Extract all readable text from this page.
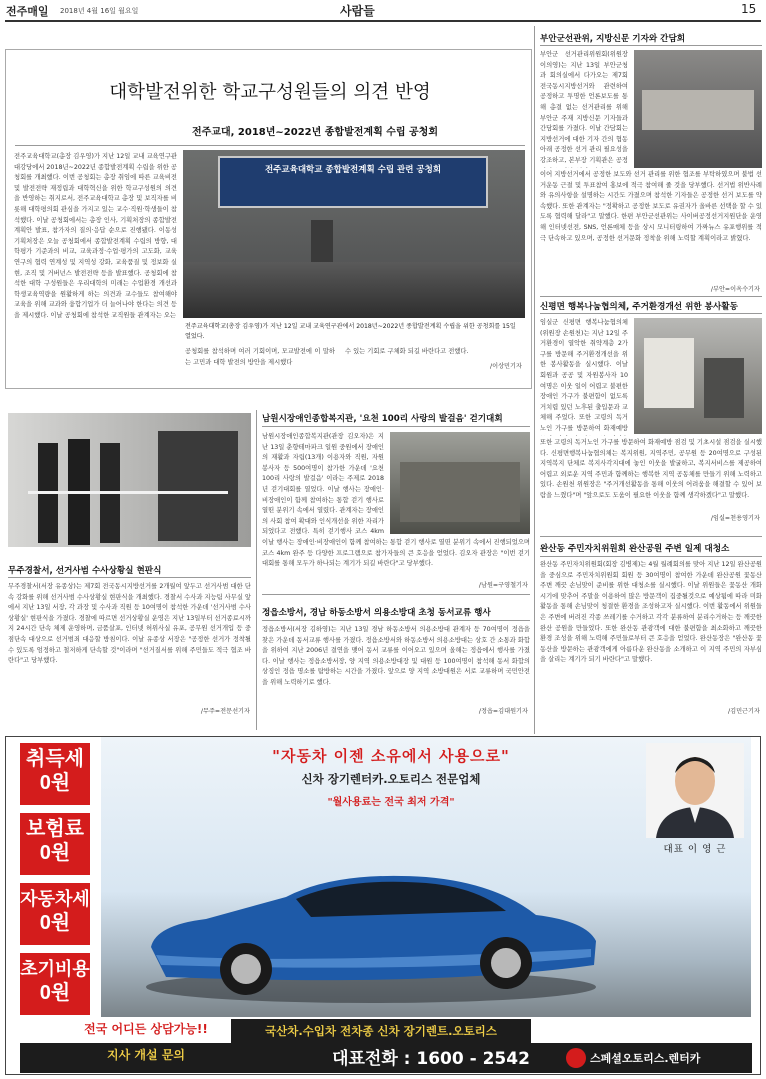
전주매일 2018년 4월 16일 월요일	사람들	15
대학발전위한 학교구성원들의 의견 반영
전주교대, 2018년~2022년 종합발전계획 수립 공청회
전주교육대학교(총장 김우영)가 지난 12일 교내 교육연구관 대강당에서 2018년~2022년 종합발전계획 수립을 위한 공청회를 개최했다. 이번 공청회는 총장 취임에 따른 교육비전 및 발전전략 재정립과 대학혁신을 위한 학교구성원의 의견을 반영하는 취지로서, 전주교육대학교 총장 및 보직자를 비롯해 대학평의회 관심을 가지고 있는 교수·직원·학생들이 참석했다. 이날 공청회에서는 총장 인사, 기획처장의 종합발전계획안 발표, 참가자의 질의·응답 순으로 진행됐다. 이동성 기획처장은 오늘 공청회에서 종합발전계획 수립의 방향, 대학평가 기준과의 비교, 교육과정·수업·평가의 고도화, 교육연구의 협력 연계성 및 지역성 강화, 교육품질 및 정보화 실현, 조직 및 거버넌스 발전전략 등을 발표했다. 공청회에 참석한 대학 구성원들은 우리대학의 미래는 수업환경 개선과 학생교육역량을 원활하게 하는 의견과 교수들도 참여해야 교육을 위해 교과와 융합기업가 더 늘어나야 한다는 의견 등을 제시했다. 이날 공청회에 참석한 교직원들 관계자는 오는
전주교육대학교 종합발전계획 수립 관련 공청회
전주교육대학교(총장 김우영)가 지난 12일 교내 교육연구관에서 2018년~2022년 종합발전계획 수립을 위한 공청회를 15일 열었다.
공청회를 참석하며 여러 기회이며, 모교발전에 이 말하는 고민과 대학 발전의 방안을 제시했다
수 있는 기회로 구체화 되길 바란다고 전했다.
/이상민기자
부안군선관위, 지방신문 기자와 간담회
부안군 선거관리위원회(위원장 이의영)는 지난 13일 부안군청과 회의실에서 다가오는 제7회 전국동시지방선거와 관련하여 공정하고 투명한 언론보도를 통해 총결 없는 선거관리를 위해 부안군 주재 지방신문 기자들과 간담회를 가졌다. 이날 간담회는 지방선거에 대한 기자 간의 협동 아래 공정한 선거 관리 필요성을 강조하고, 본부장 기획관은 공정
이어 지방선거에서 공정한 보도와 선거 관리를 위한 협조를 부탁하였으며 불법 선거운동 근절 및 투표참여 홍보에 적극 참여해 줄 것을 당부했다. 선거법 위반사례와 유의사항을 설명하는 시간도 가졌으며 참석한 기자들은 공정한 선거 보도를 약속했다. 또한 관계자는 "정확하고 공정한 보도로 유권자가 올바른 선택을 할 수 있도록 협력해 달라"고 말했다. 한편 부안군선관위는 사이버공정선거지원단을 운영해 인터넷선전, SNS, 언론매체 등을 상시 모니터링하여 가짜뉴스 유포행위를 적극 단속하고 있으며, 공정한 선거문화 정착을 위해 노력할 계획이라고 밝혔다.
/부안=이옥수기자
신평면 행복나눔협의체, 주거환경개선 위한 봉사활동
임실군 신평면 행복나눔협의체(위원장 손원천)는 지난 12일 주거환경이 열악한 취약계층 2가구를 방문해 주거환경개선을 위한 봉사활동을 실시했다. 이날 회원과 공공 및 자원봉사자 10여명은 이웃 일이 어렵고 불편한 장애인 가구가 불편함이 없도록 거치렵 있던 노후된 출입문과 교체해 주었다. 또한 고령의 독거노인 가구를 방문하여 화재예방
또한 고령의 독거노인 가구를 방문하여 화재예방 점검 및 기초시설 점검을 실시했다. 신평면행복나눔협의체는 복지위원, 지역주민, 공무원 등 20여명으로 구성된 지역복지 단체로 복지사각지대에 놓인 이웃을 발굴하고, 복지서비스를 제공하여 어렵고 외로운 지역 주민과 함께하는 행복한 지역 공동체를 만들기 위해 노력하고 있다. 손원천 위원장은 "주거개선활동을 통해 이웃의 어려움을 해결할 수 있어 보람을 느꼈다"며 "앞으로도 도움이 필요한 이웃을 함께 생각하겠다"고 말했다.
/임실=천용영기자
완산동 주민자치위원회 완산공원 주변 일제 대청소
완산동 주민자치위원회(회장 김병제)는 4월 월례회의를 맞아 지난 12일 완산공원을 중심으로 주민자치위원회 회원 등 30여명이 참여한 가운데 완산공원 꽃동산 주변 깨끗 손님맞이 준비를 위한 대청소를 실시했다. 이날 위원들은 꽃동산 개화시기에 맞추어 주말을 이용하여 많은 방문객이 집중될것으로 예상됨에 따라 미화 활동을 통해 손님맞이 청결한 환경을 조성하고자 실시했다. 이번 활동에서 위원들은 주변에 버려진 각종 쓰레기를 수거하고 각각 분류하여 분리수거하는 등 깨끗한 완산 공원을 만들었다. 또한 완산동 관광객에 대한 불편함을 최소화하고 깨끗한 환경 조성을 위해 노력해 주민들로부터 큰 호응을 얻었다. 완산동장은 "완산동 꽃동산을 방문하는 관광객에게 아름다운 완산동을 소개하고 이 지역 주민의 자부심을 살리는 계기가 되기 바란다"고 말했다.
/김민근기자
무주경찰서, 선거사범 수사상황실 현판식
무주경찰서(서장 유종상)는 제7회 전국동시지방선거를 2개월여 앞두고 선거사범 대한 단속 강화를 위해 선거사범 수사상황실 현판식을 개최했다. 경찰서 수사과 지능팀 사무실 앞에서 지난 13일 서장, 각 과장 및 수사과 직원 등 10여명이 참석한 가운데 '선거사범 수사상황실' 현판식을 가졌다. 경찰에 따르면 선거상황실 운영은 지난 13일부터 선거종료시까지 24시간 단속 체제 운영하며, 금품살포, 인터넷 허위사실 유포, 공무원 선거개입 등 중점단속 대상으로 선거범죄 대응할 방침이다. 이날 유종상 서장은 "공정한 선거가 정착될 수 있도록 엄정하고 철저하게 단속할 것"이라며 "선거질서를 위해 주민들도 적극 협조 바란다"고 당부했다.
/무주=전문선기자
남원시장애인종합복지관, '요천 100리 사랑의 발걸음' 걷기대회
남원시장애인종합복지관(관장 김오자)은 지난 13일 춘향테마파크 일원 중원에서 장애인의 재활과 자립(13개) 이용자와 직원, 자원봉사자 등 500여명이 참가한 가운데 '요천 100리 사랑의 발걸음' 이라는 주제로 2018년 걷기대회를 열었다. 이날 행사는 장애인·비장애인이 함께 참여하는 통합 걷기 행사로 열띤 분위기 속에서 열렸다. 관계자는 장애인의 사회 참여 확대와 인식개선을 위한 자리가 되었다고 전했다. 특히 걷기행사 코스 4km
이날 행사는 장애인·비장애인이 함께 참여하는 통합 걷기 행사로 열띤 분위기 속에서 진행되었으며 코스 4km 완주 등 다양한 프로그램으로 참가자들의 큰 호응을 얻었다. 김오자 관장은 "이번 걷기 대회를 통해 모두가 하나되는 계기가 되길 바란다"고 당부했다.
/남원=구영철기자
정읍소방서, 경남 하동소방서 의용소방대 초청 동서교류 행사
정읍소방서(서장 김하영)는 지난 13일 경남 하동소방서 의용소방대 관계자 등 70여명이 정읍을 찾은 가운데 동서교류 행사를 가졌다. 정읍소방서와 하동소방서 의용소방대는 상호 간 소통과 화합을 위하여 지난 2006년 결연을 맺어 동서 교류를 이어오고 있으며 올해는 정읍에서 행사를 가졌다. 이날 행사는 정읍소방서장, 양 지역 의용소방대장 및 대원 등 100여명이 참석해 동서 화합의 상징인 정읍 명소를 탐방하는 시간을 가졌다. 앞으로 양 지역 소방대원은 서로 교류하며 국민안전을 위해 노력하기로 했다.
/정읍=김대원기자
취득세
0원
보험료
0원
자동차세
0원
초기비용
0원
"자동차 이젠 소유에서 사용으로"
신차 장기렌터카.오토리스 전문업체
"월사용료는 전국 최저 가격"
대표 이 영 근
국산차.수입차 전차종 신차 장기렌트.오토리스
전국 어디든 상담가능!!
지사 개설 문의	대표전화 : 1600 - 2542	스페셜오토리스.렌터카
